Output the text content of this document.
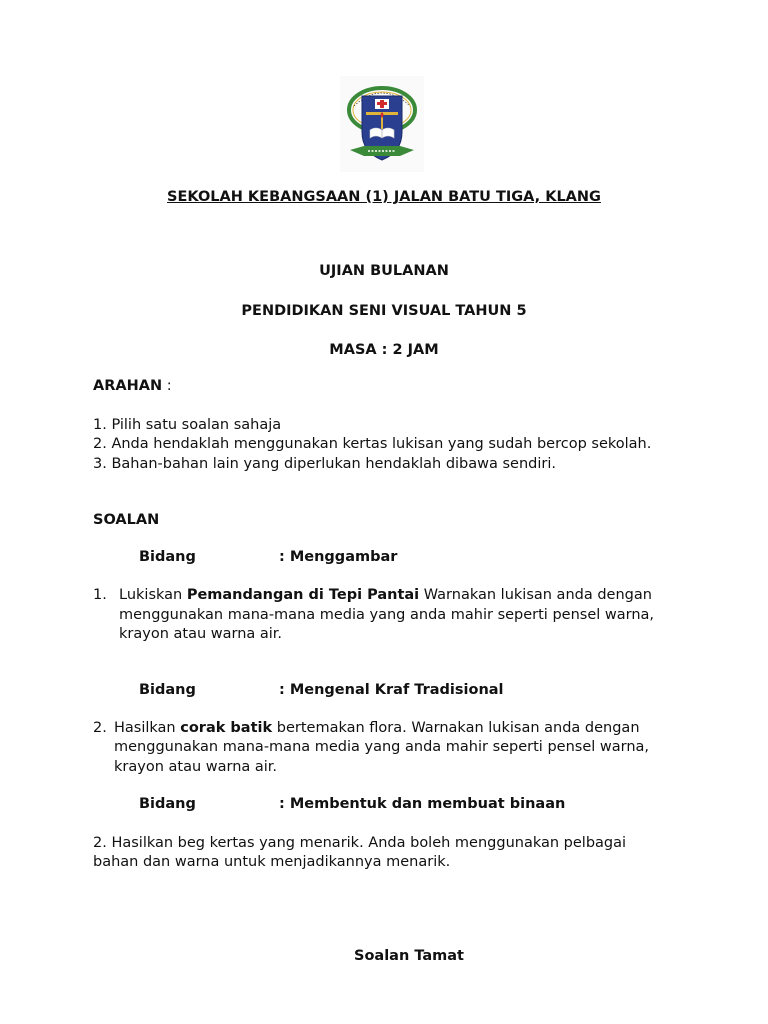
SEKOLAH KEBANGSAAN (1) JALAN BATU TIGA, KLANG
UJIAN BULANAN
PENDIDIKAN SENI VISUAL TAHUN 5
MASA : 2 JAM
ARAHAN :
1. Pilih satu soalan sahaja
2. Anda hendaklah menggunakan kertas lukisan yang sudah bercop sekolah.
3. Bahan-bahan lain yang diperlukan hendaklah dibawa sendiri.
SOALAN
Bidang	: Menggambar
1. Lukiskan Pemandangan di Tepi Pantai Warnakan lukisan anda dengan
menggunakan mana-mana media yang anda mahir seperti pensel warna,
krayon atau warna air.
Bidang	: Mengenal Kraf Tradisional
2. Hasilkan corak batik bertemakan flora. Warnakan lukisan anda dengan
menggunakan mana-mana media yang anda mahir seperti pensel warna,
krayon atau warna air.
Bidang	: Membentuk dan membuat binaan
2. Hasilkan beg kertas yang menarik. Anda boleh menggunakan pelbagai
bahan dan warna untuk menjadikannya menarik.
Soalan Tamat
